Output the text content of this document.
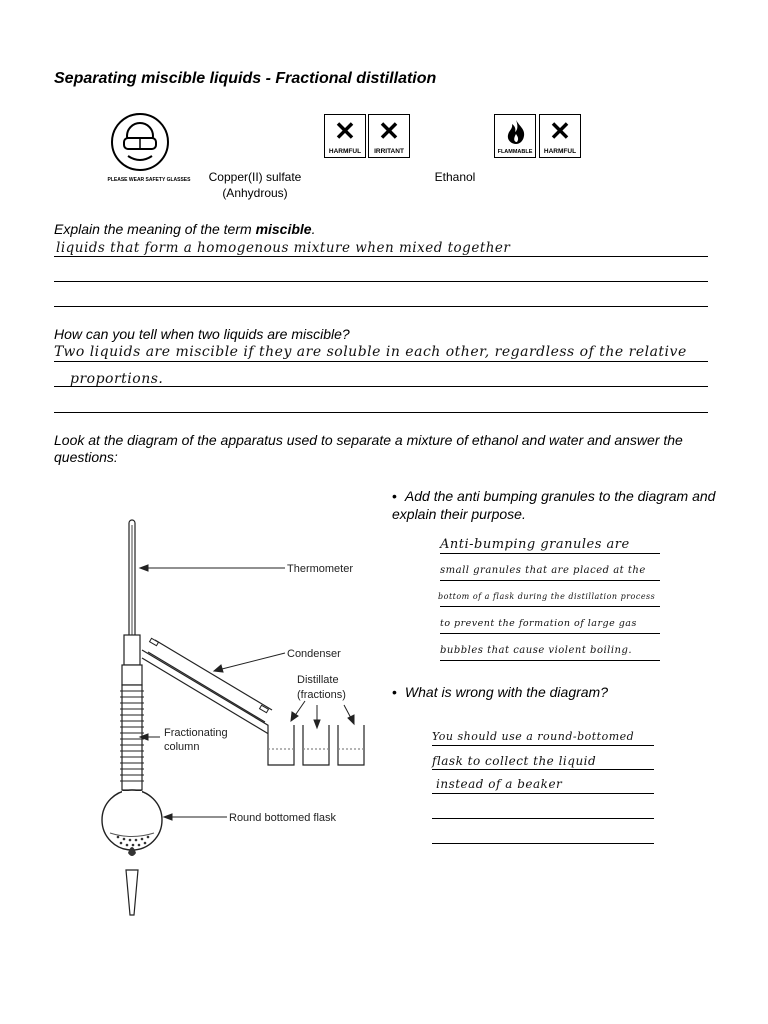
Separating miscible liquids - Fractional distillation
PLEASE WEAR SAFETY GLASSES
✕
HARMFUL
✕
IRRITANT	FLAMMABLE
✕
HARMFUL
Copper(II) sulfate
(Anhydrous)
Ethanol
Explain the meaning of the term miscible.
liquids that form a homogenous mixture when mixed together
How can you tell when two liquids are miscible?
Two liquids are miscible if they are soluble in each other, regardless of the relative
proportions.
Look at the diagram of the apparatus used to separate a mixture of ethanol and water and answer the questions:
Thermometer
Condenser
Distillate
(fractions)
Fractionating
column
Round bottomed flask
• Add the anti bumping granules to the diagram and explain their purpose.
Anti-bumping granules are
small granules that are placed at the
bottom of a flask during the distillation process
to prevent the formation of large gas
bubbles that cause violent boiling.
• What is wrong with the diagram?
You should use a round-bottomed
flask to collect the liquid
instead of a beaker
